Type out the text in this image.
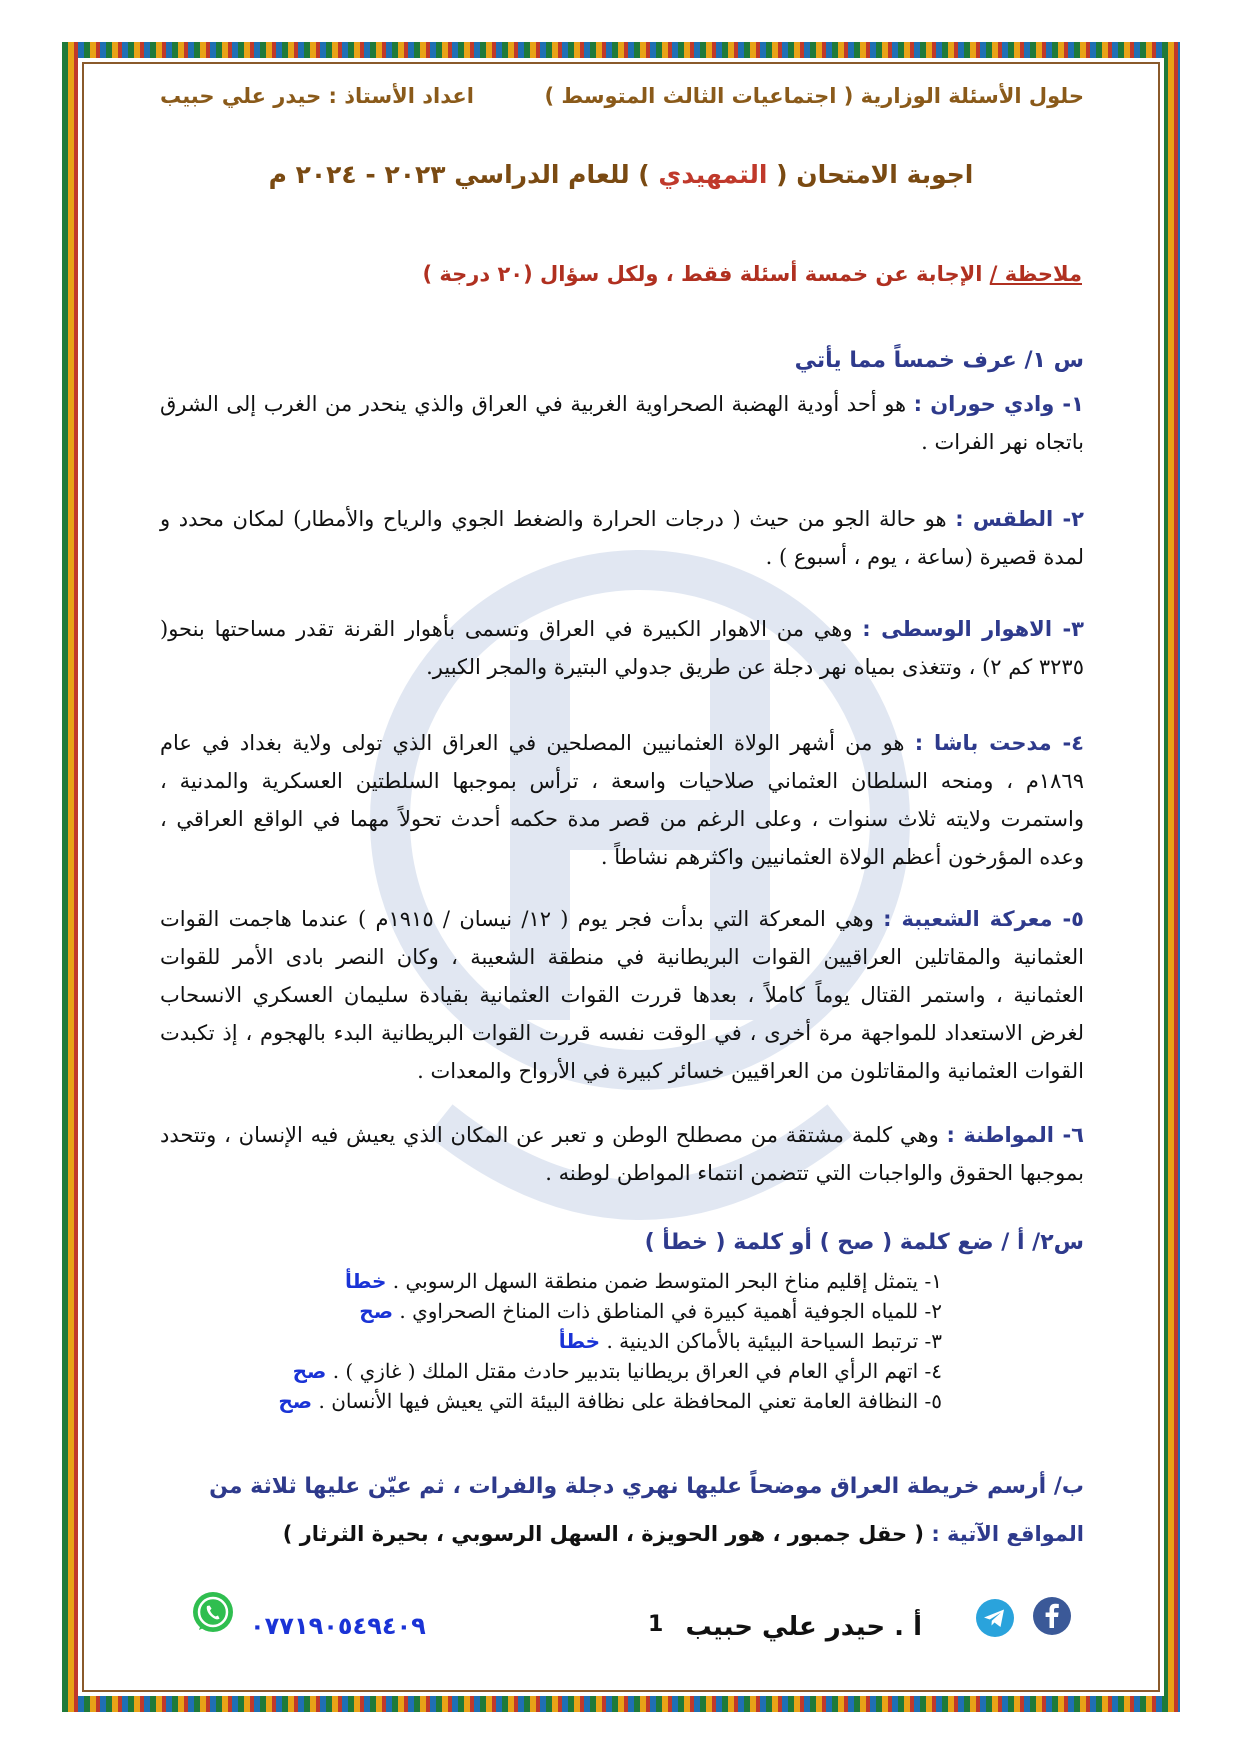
حلول الأسئلة الوزارية ( اجتماعيات الثالث المتوسط )
اعداد الأستاذ : حيدر علي حبيب
اجوبة الامتحان ( التمهيدي ) للعام الدراسي ٢٠٢٣ - ٢٠٢٤ م
ملاحظة / الإجابة عن خمسة أسئلة فقط ، ولكل سؤال (٢٠ درجة )
س ١/ عرف خمساً مما يأتي
١- وادي حوران : هو أحد أودية الهضبة الصحراوية الغربية في العراق والذي ينحدر من الغرب إلى الشرق باتجاه نهر الفرات .
٢- الطقس : هو حالة الجو من حيث ( درجات الحرارة والضغط الجوي والرياح والأمطار) لمكان محدد و لمدة قصيرة (ساعة ، يوم ، أسبوع ) .
٣- الاهوار الوسطى : وهي من الاهوار الكبيرة في العراق وتسمى بأهوار القرنة تقدر مساحتها بنحو( ٣٢٣٥ كم ٢) ، وتتغذى بمياه نهر دجلة عن طريق جدولي البتيرة والمجر الكبير.
٤- مدحت باشا : هو من أشهر الولاة العثمانيين المصلحين في العراق الذي تولى ولاية بغداد في عام ١٨٦٩م ، ومنحه السلطان العثماني صلاحيات واسعة ، ترأس بموجبها السلطتين العسكرية والمدنية ، واستمرت ولايته ثلاث سنوات ، وعلى الرغم من قصر مدة حكمه أحدث تحولاً مهما في الواقع العراقي ، وعده المؤرخون أعظم الولاة العثمانيين واكثرهم نشاطاً .
٥- معركة الشعيبة : وهي المعركة التي بدأت فجر يوم ( ١٢/ نيسان / ١٩١٥م ) عندما هاجمت القوات العثمانية والمقاتلين العراقيين القوات البريطانية في منطقة الشعيبة ، وكان النصر بادى الأمر للقوات العثمانية ، واستمر القتال يوماً كاملاً ، بعدها قررت القوات العثمانية بقيادة سليمان العسكري الانسحاب لغرض الاستعداد للمواجهة مرة أخرى ، في الوقت نفسه قررت القوات البريطانية البدء بالهجوم ، إذ تكبدت القوات العثمانية والمقاتلون من العراقيين خسائر كبيرة في الأرواح والمعدات .
٦- المواطنة : وهي كلمة مشتقة من مصطلح الوطن و تعبر عن المكان الذي يعيش فيه الإنسان ، وتتحدد بموجبها الحقوق والواجبات التي تتضمن انتماء المواطن لوطنه .
س٢/ أ / ضع كلمة ( صح ) أو كلمة ( خطأ )
١- يتمثل إقليم مناخ البحر المتوسط ضمن منطقة السهل الرسوبي . خطأ
٢- للمياه الجوفية أهمية كبيرة في المناطق ذات المناخ الصحراوي . صح
٣- ترتبط السياحة البيئية بالأماكن الدينية . خطأ
٤- اتهم الرأي العام في العراق بريطانيا بتدبير حادث مقتل الملك ( غازي ) . صح
٥- النظافة العامة تعني المحافظة على نظافة البيئة التي يعيش فيها الأنسان . صح
ب/ أرسم خريطة العراق موضحاً عليها نهري دجلة والفرات ، ثم عيّن عليها ثلاثة من
المواقع الآتية : ( حقل جمبور ، هور الحويزة ، السهل الرسوبي ، بحيرة الثرثار )
أ . حيدر علي حبيب
1
٠٧٧١٩٠٥٤٩٤٠٩
